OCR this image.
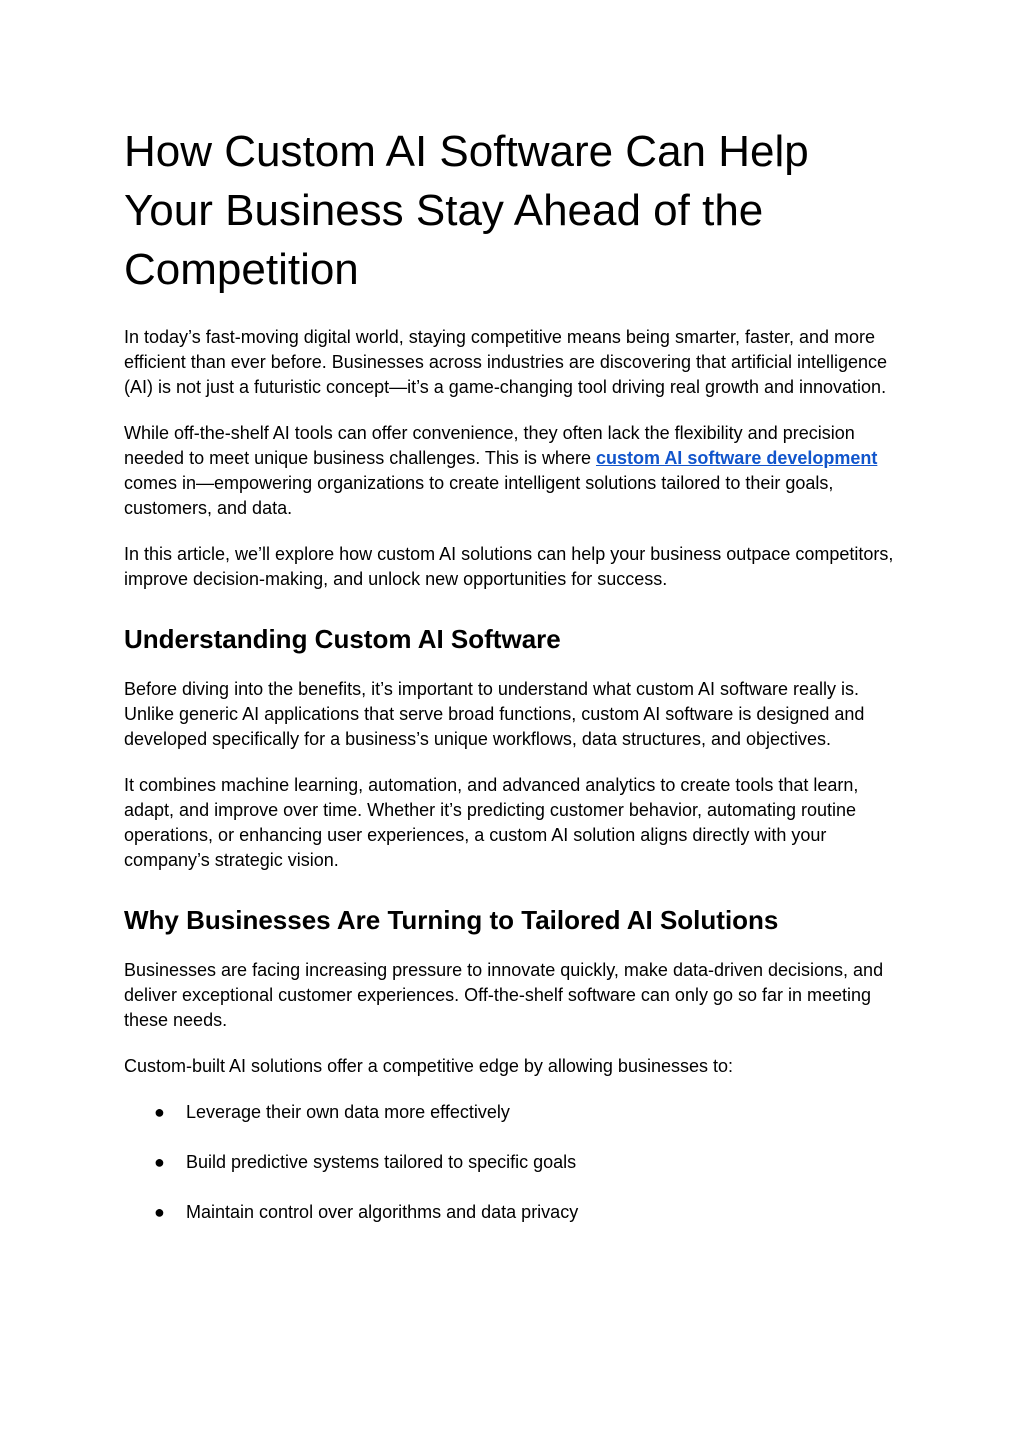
How Custom AI Software Can Help Your Business Stay Ahead of the Competition

In today’s fast-moving digital world, staying competitive means being smarter, faster, and more efficient than ever before. Businesses across industries are discovering that artificial intelligence (AI) is not just a futuristic concept—it’s a game-changing tool driving real growth and innovation.

While off-the-shelf AI tools can offer convenience, they often lack the flexibility and precision needed to meet unique business challenges. This is where custom AI software development comes in—empowering organizations to create intelligent solutions tailored to their goals, customers, and data.

In this article, we’ll explore how custom AI solutions can help your business outpace competitors, improve decision-making, and unlock new opportunities for success.

Understanding Custom AI Software

Before diving into the benefits, it’s important to understand what custom AI software really is. Unlike generic AI applications that serve broad functions, custom AI software is designed and developed specifically for a business’s unique workflows, data structures, and objectives.

It combines machine learning, automation, and advanced analytics to create tools that learn, adapt, and improve over time. Whether it’s predicting customer behavior, automating routine operations, or enhancing user experiences, a custom AI solution aligns directly with your company’s strategic vision.

Why Businesses Are Turning to Tailored AI Solutions

Businesses are facing increasing pressure to innovate quickly, make data-driven decisions, and deliver exceptional customer experiences. Off-the-shelf software can only go so far in meeting these needs.

Custom-built AI solutions offer a competitive edge by allowing businesses to:

● Leverage their own data more effectively
● Build predictive systems tailored to specific goals
● Maintain control over algorithms and data privacy
